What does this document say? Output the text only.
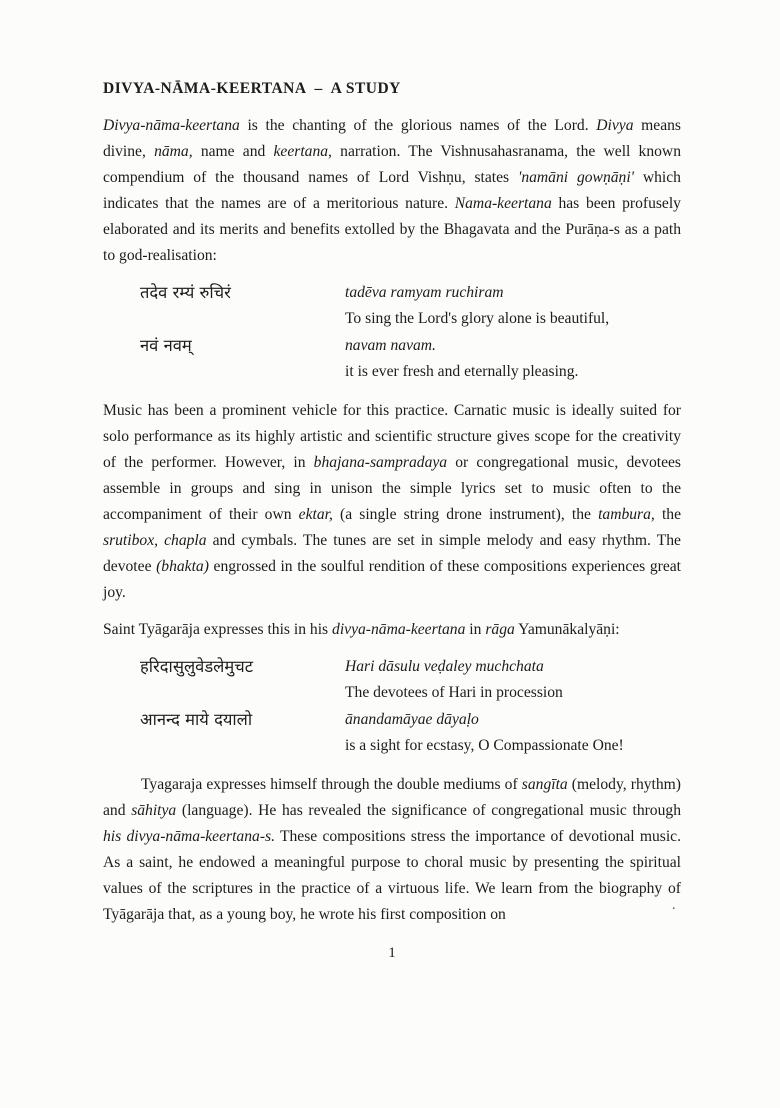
DIVYA-NĀMA-KEERTANA  –  A STUDY

Divya-nāma-keertana is the chanting of the glorious names of the Lord. Divya means divine, nāma, name and keertana, narration. The Vishnusahasranama, the well known compendium of the thousand names of Lord Vishṇu, states 'namāni gowṇāṇi' which indicates that the names are of a meritorious nature. Nama-keertana has been profusely elaborated and its merits and benefits extolled by the Bhagavata and the Purāṇa-s as a path to god-realisation:

तदेव रम्यं रुचिरं	tadēva ramyam ruchiram
To sing the Lord's glory alone is beautiful,
नवं नवम्	navam navam.
it is ever fresh and eternally pleasing.

Music has been a prominent vehicle for this practice. Carnatic music is ideally suited for solo performance as its highly artistic and scientific structure gives scope for the creativity of the performer. However, in bhajana-sampradaya or congregational music, devotees assemble in groups and sing in unison the simple lyrics set to music often to the accompaniment of their own ektar, (a single string drone instrument), the tambura, the srutibox, chapla and cymbals. The tunes are set in simple melody and easy rhythm. The devotee (bhakta) engrossed in the soulful rendition of these compositions experiences great joy.

Saint Tyāgarāja expresses this in his divya-nāma-keertana in rāga Yamunākalyāṇi:

हरिदासुलुवेडलेमुचट	Hari dāsulu veḍaley muchchata
The devotees of Hari in procession
आनन्द माये दयालो	ānandamāyae dāyaḷo
is a sight for ecstasy, O Compassionate One!

Tyagaraja expresses himself through the double mediums of sangīta (melody, rhythm) and sāhitya (language). He has revealed the significance of congregational music through his divya-nāma-keertana-s. These compositions stress the importance of devotional music. As a saint, he endowed a meaningful purpose to choral music by presenting the spiritual values of the scriptures in the practice of a virtuous life. We learn from the biography of Tyāgarāja that, as a young boy, he wrote his first composition on

1
.
